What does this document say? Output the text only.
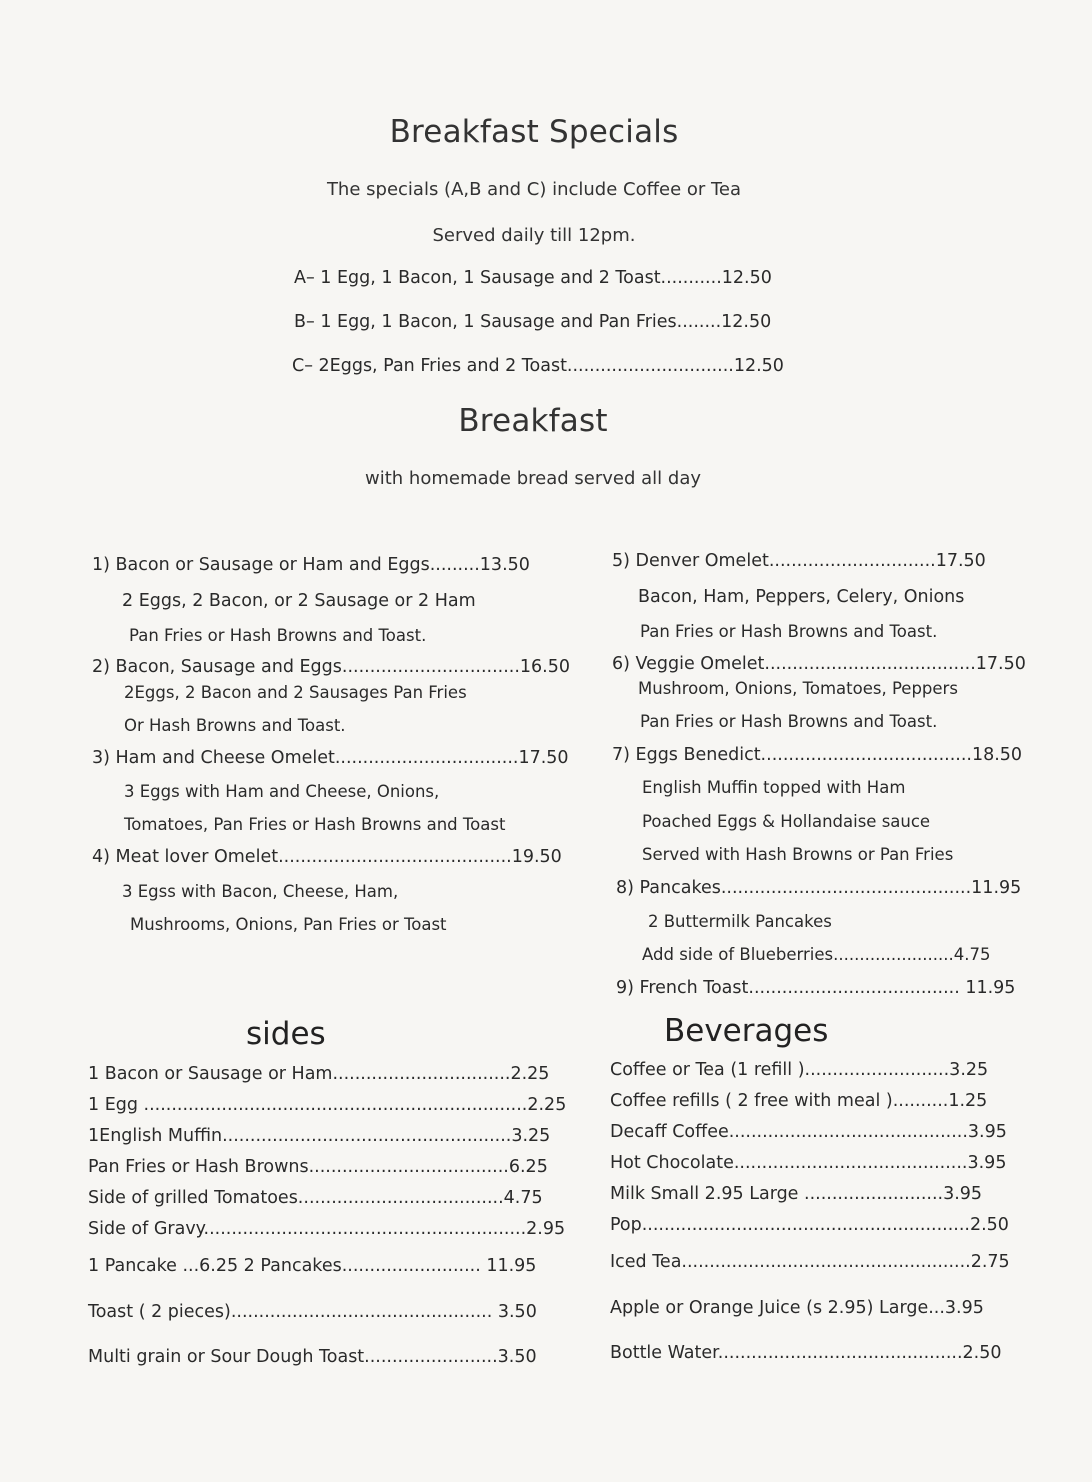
Breakfast Specials
The specials (A,B and C) include Coffee or Tea
Served daily till 12pm.
A– 1 Egg, 1 Bacon, 1 Sausage and 2 Toast...........12.50
B– 1 Egg, 1 Bacon, 1 Sausage and Pan Fries........12.50
C– 2Eggs, Pan Fries and 2 Toast..............................12.50
Breakfast
with homemade bread served all day
1) Bacon or Sausage or Ham and Eggs.........13.50
2 Eggs, 2 Bacon, or 2 Sausage or 2 Ham
Pan Fries or Hash Browns and Toast.
2) Bacon, Sausage and Eggs................................16.50
2Eggs, 2 Bacon and 2 Sausages Pan Fries
Or Hash Browns and Toast.
3) Ham and Cheese Omelet.................................17.50
3 Eggs with Ham and Cheese, Onions,
Tomatoes, Pan Fries or Hash Browns and Toast
4) Meat lover Omelet..........................................19.50
3 Egss with Bacon, Cheese, Ham,
Mushrooms, Onions, Pan Fries or Toast
5) Denver Omelet..............................17.50
Bacon, Ham, Peppers, Celery, Onions
Pan Fries or Hash Browns and Toast.
6) Veggie Omelet......................................17.50
Mushroom, Onions, Tomatoes, Peppers
Pan Fries or Hash Browns and Toast.
7) Eggs Benedict......................................18.50
English Muffin topped with Ham
Poached Eggs & Hollandaise sauce
Served with Hash Browns or Pan Fries
8) Pancakes.............................................11.95
2 Buttermilk Pancakes
Add side of Blueberries.......................4.75
9) French Toast...................................... 11.95
sides
1 Bacon or Sausage or Ham................................2.25
1 Egg .....................................................................2.25
1English Muffin....................................................3.25
Pan Fries or Hash Browns....................................6.25
Side of grilled Tomatoes.....................................4.75
Side of Gravy..........................................................2.95
1 Pancake ...6.25 2 Pancakes......................... 11.95
Toast ( 2 pieces)............................................... 3.50
Multi grain or Sour Dough Toast........................3.50
Beverages
Coffee or Tea (1 refill )..........................3.25
Coffee refills ( 2 free with meal )..........1.25
Decaff Coffee...........................................3.95
Hot Chocolate..........................................3.95
Milk Small 2.95 Large .........................3.95
Pop...........................................................2.50
Iced Tea....................................................2.75
Apple or Orange Juice (s 2.95) Large...3.95
Bottle Water............................................2.50
